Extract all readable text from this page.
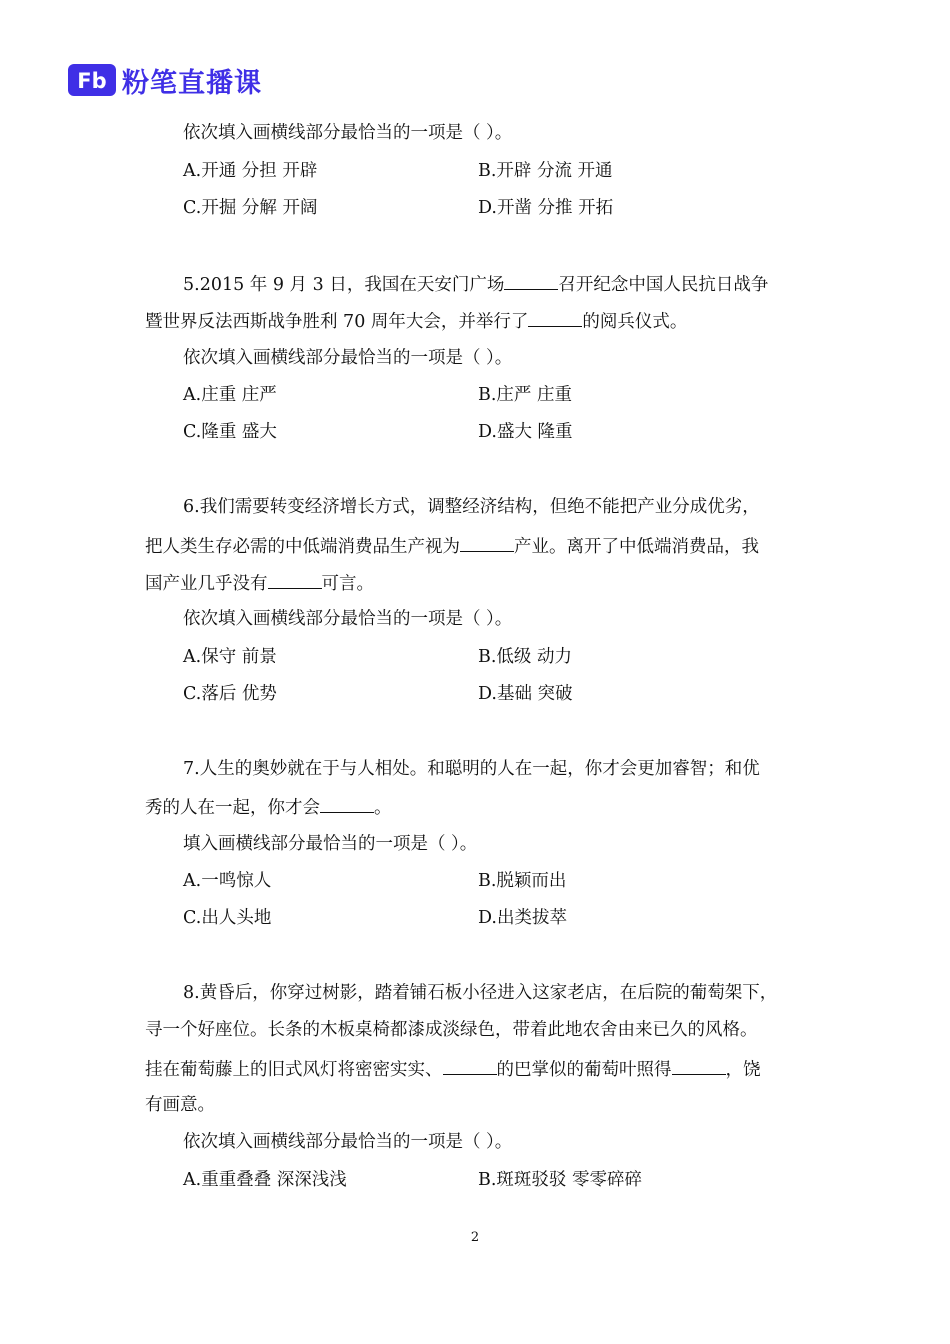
Fb 粉笔直播课
依次填入画横线部分最恰当的一项是（ ）。
A.开通 分担 开辟	B.开辟 分流 开通
C.开掘 分解 开阔	D.开凿 分推 开拓
5.2015 年 9 月 3 日，我国在天安门广场	召开纪念中国人民抗日战争
暨世界反法西斯战争胜利 70 周年大会，并举行了	的阅兵仪式。
依次填入画横线部分最恰当的一项是（ ）。
A.庄重 庄严	B.庄严 庄重
C.隆重 盛大	D.盛大 隆重
6.我们需要转变经济增长方式，调整经济结构，但绝不能把产业分成优劣，
把人类生存必需的中低端消费品生产视为	产业。离开了中低端消费品，我
国产业几乎没有	可言。
依次填入画横线部分最恰当的一项是（ ）。
A.保守 前景	B.低级 动力
C.落后 优势	D.基础 突破
7.人生的奥妙就在于与人相处。和聪明的人在一起，你才会更加睿智；和优
秀的人在一起，你才会	。
填入画横线部分最恰当的一项是（ ）。
A.一鸣惊人	B.脱颖而出
C.出人头地	D.出类拔萃
8.黄昏后，你穿过树影，踏着铺石板小径进入这家老店，在后院的葡萄架下，
寻一个好座位。长条的木板桌椅都漆成淡绿色，带着此地农舍由来已久的风格。
挂在葡萄藤上的旧式风灯将密密实实、	的巴掌似的葡萄叶照得	，饶
有画意。
依次填入画横线部分最恰当的一项是（ ）。
A.重重叠叠 深深浅浅	B.斑斑驳驳 零零碎碎
2
